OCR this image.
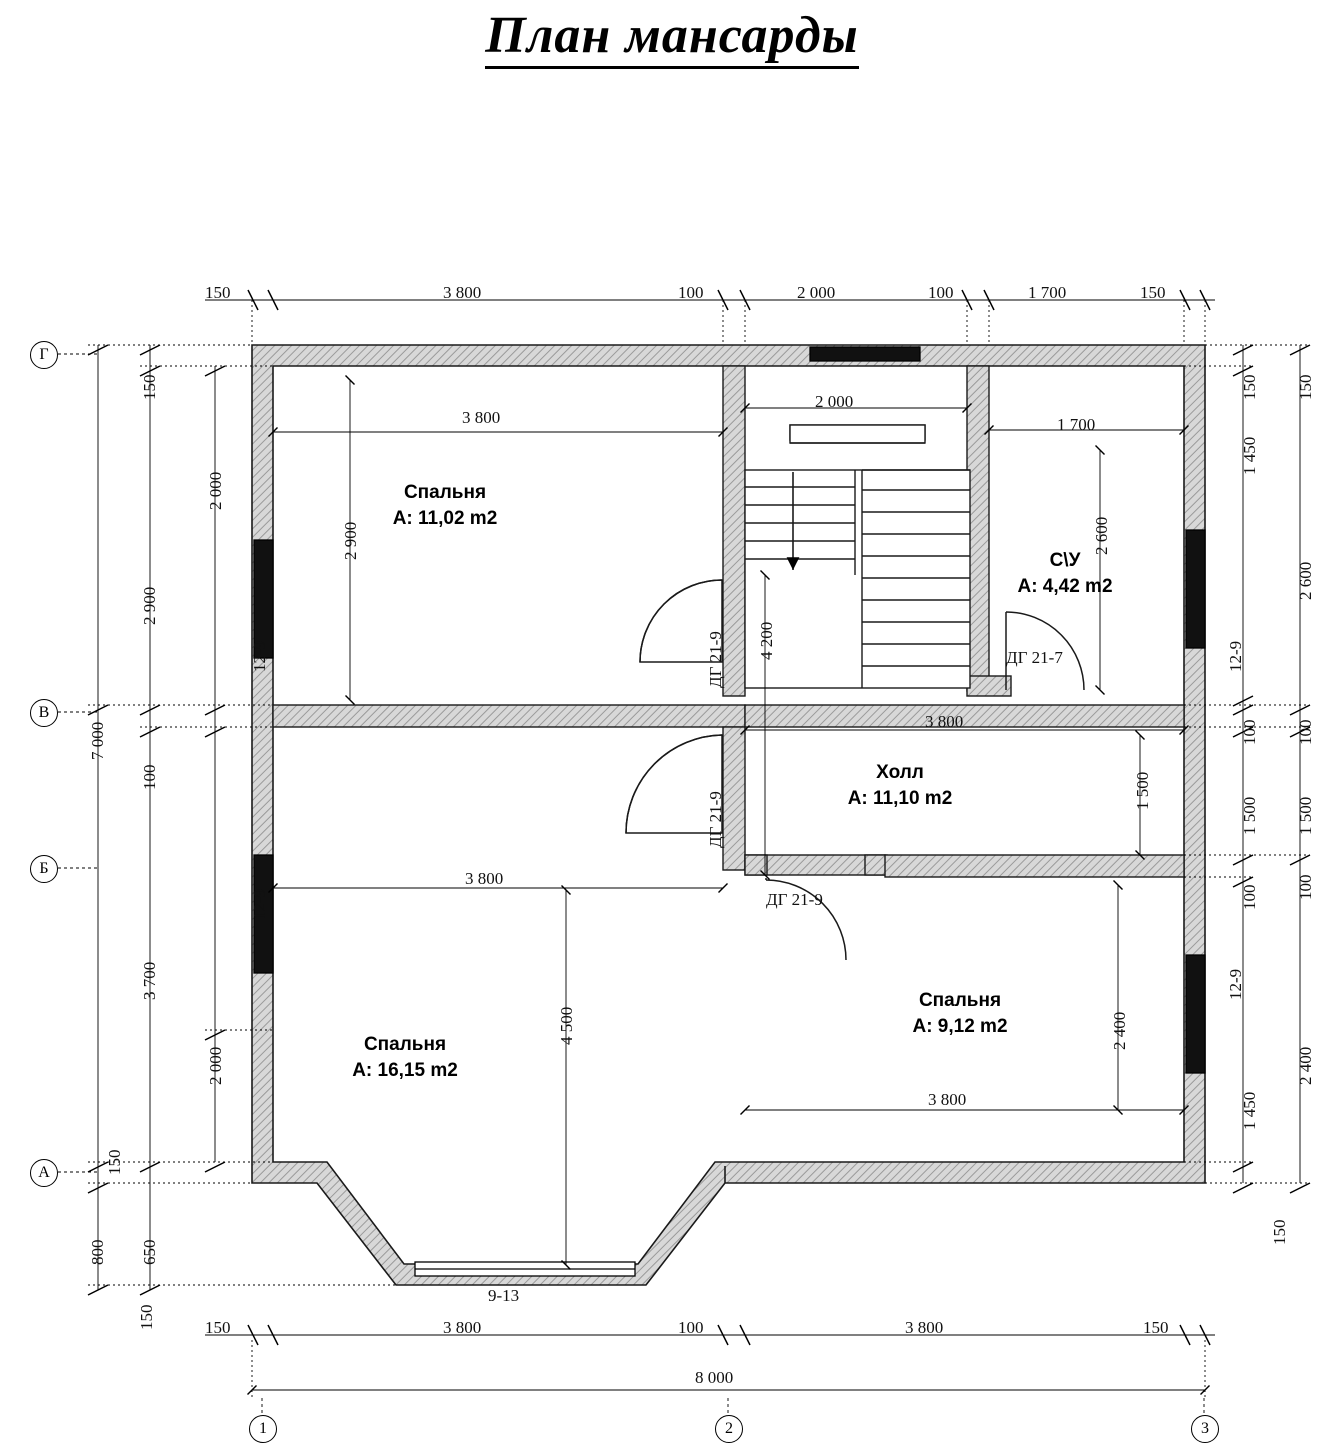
План мансарды
Г
В
Б
А
1	2	3
Спальня
A: 11,02 m2
С\У
A: 4,42 m2
Холл
A: 11,10 m2
Спальня
A: 16,15 m2
Спальня
A: 9,12 m2
ДГ 21-9
ДГ 21-9
ДГ 21-9
ДГ 21-7
12-9
12-9
12-9
12-9
9-13
150	3 800	100	2 000	100	1 700	150
150	3 800	100	3 800	150
8 000
7 000
150
2 000
100
2 000
650
150
2 900
3 700
150
800
150
1 450
100
1 500
100
1 450
150
2 600
100
1 500
100
2 400
150
3 800
2 000
1 700
2 900	2 600
4 200
3 800
1 500
3 800
4 500	2 400
3 800
